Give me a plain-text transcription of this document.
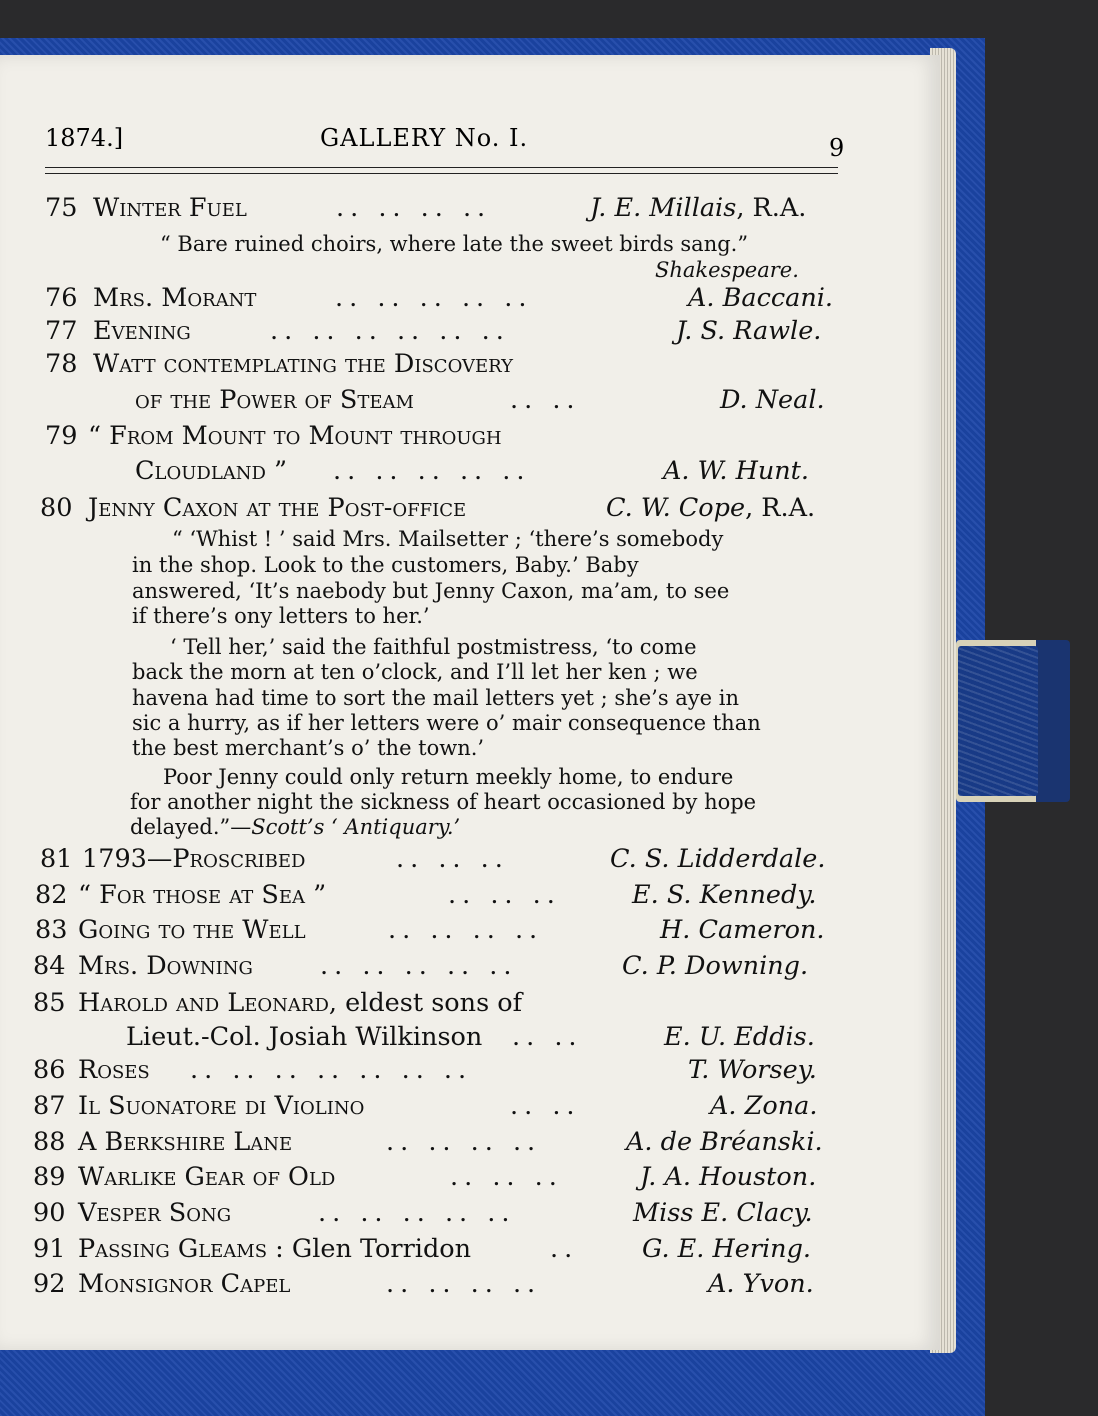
1874.]	GALLERY No. I.	9
75 Winter Fuel	.. .. .. ..	J. E. Millais, R.A.
“ Bare ruined choirs, where late the sweet birds sang.”
Shakespeare.
76 Mrs. Morant	.. .. .. .. ..	A. Baccani.
77 Evening	.. .. .. .. .. ..	J. S. Rawle.
78 Watt contemplating the Discovery
of the Power of Steam	.. ..	D. Neal.
79 “ From Mount to Mount through
Cloudland ” .. .. .. .. ..	A. W. Hunt.
80 Jenny Caxon at the Post-office	C. W. Cope, R.A.
“ ‘Whist ! ’ said Mrs. Mailsetter ; ‘there’s somebody
in the shop. Look to the customers, Baby.’ Baby
answered, ‘It’s naebody but Jenny Caxon, ma’am, to see
if there’s ony letters to her.’
‘ Tell her,’ said the faithful postmistress, ‘to come
back the morn at ten o’clock, and I’ll let her ken ; we
havena had time to sort the mail letters yet ; she’s aye in
sic a hurry, as if her letters were o’ mair consequence than
the best merchant’s o’ the town.’
Poor Jenny could only return meekly home, to endure
for another night the sickness of heart occasioned by hope
delayed.”—Scott’s ‘ Antiquary.’
81 1793—Proscribed	.. .. ..	C. S. Lidderdale.
82 “ For those at Sea ”	.. .. ..	E. S. Kennedy.
83 Going to the Well	.. .. .. ..	H. Cameron.
84 Mrs. Downing	.. .. .. .. ..	C. P. Downing.
85 Harold and Leonard, eldest sons of
Lieut.-Col. Josiah Wilkinson .. ..	E. U. Eddis.
86 Roses .. .. .. .. .. .. ..	T. Worsey.
87 Il Suonatore di Violino	.. ..	A. Zona.
88 A Berkshire Lane	.. .. .. ..	A. de Bréanski.
89 Warlike Gear of Old	.. .. ..	J. A. Houston.
90 Vesper Song	.. .. .. .. ..	Miss E. Clacy.
91 Passing Gleams : Glen Torridon	..	G. E. Hering.
92 Monsignor Capel	.. .. .. ..	A. Yvon.
